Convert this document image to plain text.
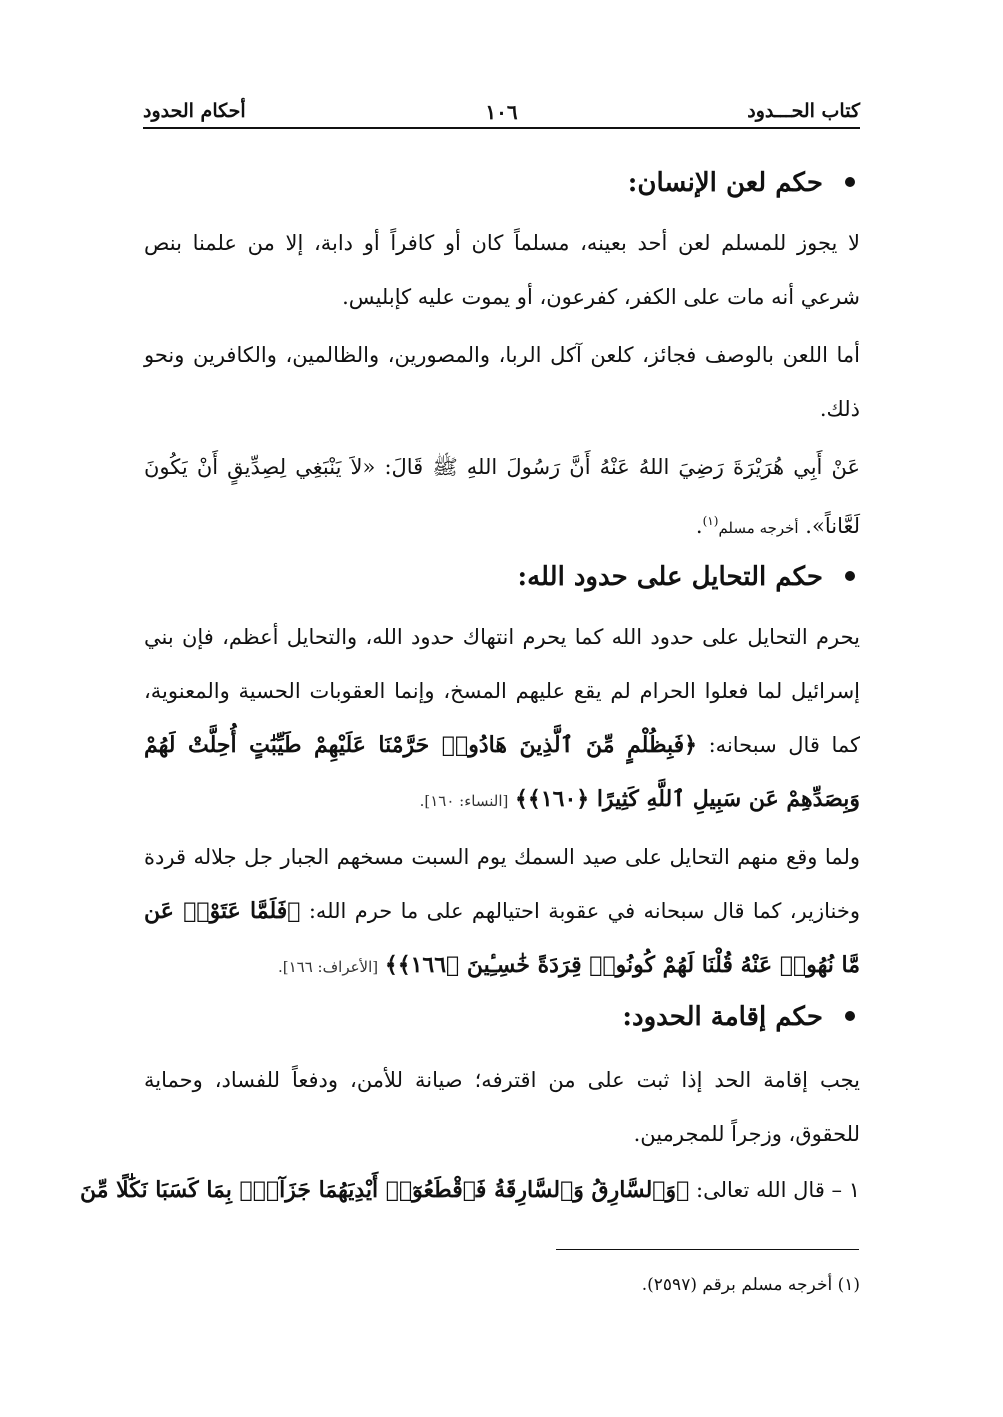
كتاب الحـــدود
١٠٦
أحكام الحدود
حكم لعن الإنسان:
لا يجوز للمسلم لعن أحد بعينه، مسلماً كان أو كافراً أو دابة، إلا من علمنا بنص شرعي أنه مات على الكفر، كفرعون، أو يموت عليه كإبليس.
أما اللعن بالوصف فجائز، كلعن آكل الربا، والمصورين، والظالمين، والكافرين ونحو ذلك.
عَنْ أَبِي هُرَيْرَةَ رَضِيَ اللهُ عَنْهُ أَنَّ رَسُولَ اللهِ ﷺ قَالَ: «لاَ يَنْبَغِي لِصِدِّيقٍ أَنْ يَكُونَ لَعَّاناً». أخرجه مسلم$^{(١)}$.
حكم التحايل على حدود الله:
يحرم التحايل على حدود الله كما يحرم انتهاك حدود الله، والتحايل أعظم، فإن بني إسرائيل لما فعلوا الحرام لم يقع عليهم المسخ، وإنما العقوبات الحسية والمعنوية، كما قال سبحانه: ﴿فَبِظُلْمٍ مِّنَ ٱلَّذِينَ هَادُوا۟ حَرَّمْنَا عَلَيْهِمْ طَيِّبَٰتٍ أُحِلَّتْ لَهُمْ وَبِصَدِّهِمْ عَن سَبِيلِ ٱللَّهِ كَثِيرًا ﴿١٦٠﴾﴾ [النساء: ١٦٠].
ولما وقع منهم التحايل على صيد السمك يوم السبت مسخهم الجبار جل جلاله قردة وخنازير، كما قال سبحانه في عقوبة احتيالهم على ما حرم الله: ﴿فَلَمَّا عَتَوْا۟ عَن مَّا نُهُوا۟ عَنْهُ قُلْنَا لَهُمْ كُونُوا۟ قِرَدَةً خَٰسِـِٔينَ ﴿١٦٦﴾﴾ [الأعراف: ١٦٦].
حكم إقامة الحدود:
يجب إقامة الحد إذا ثبت على من اقترفه؛ صيانة للأمن، ودفعاً للفساد، وحماية للحقوق، وزجراً للمجرمين.
١ – قال الله تعالى: ﴿وَٱلسَّارِقُ وَٱلسَّارِقَةُ فَٱقْطَعُوٓا۟ أَيْدِيَهُمَا جَزَآءًۢ بِمَا كَسَبَا نَكَٰلًا مِّنَ
(١) أخرجه مسلم برقم (٢٥٩٧).
